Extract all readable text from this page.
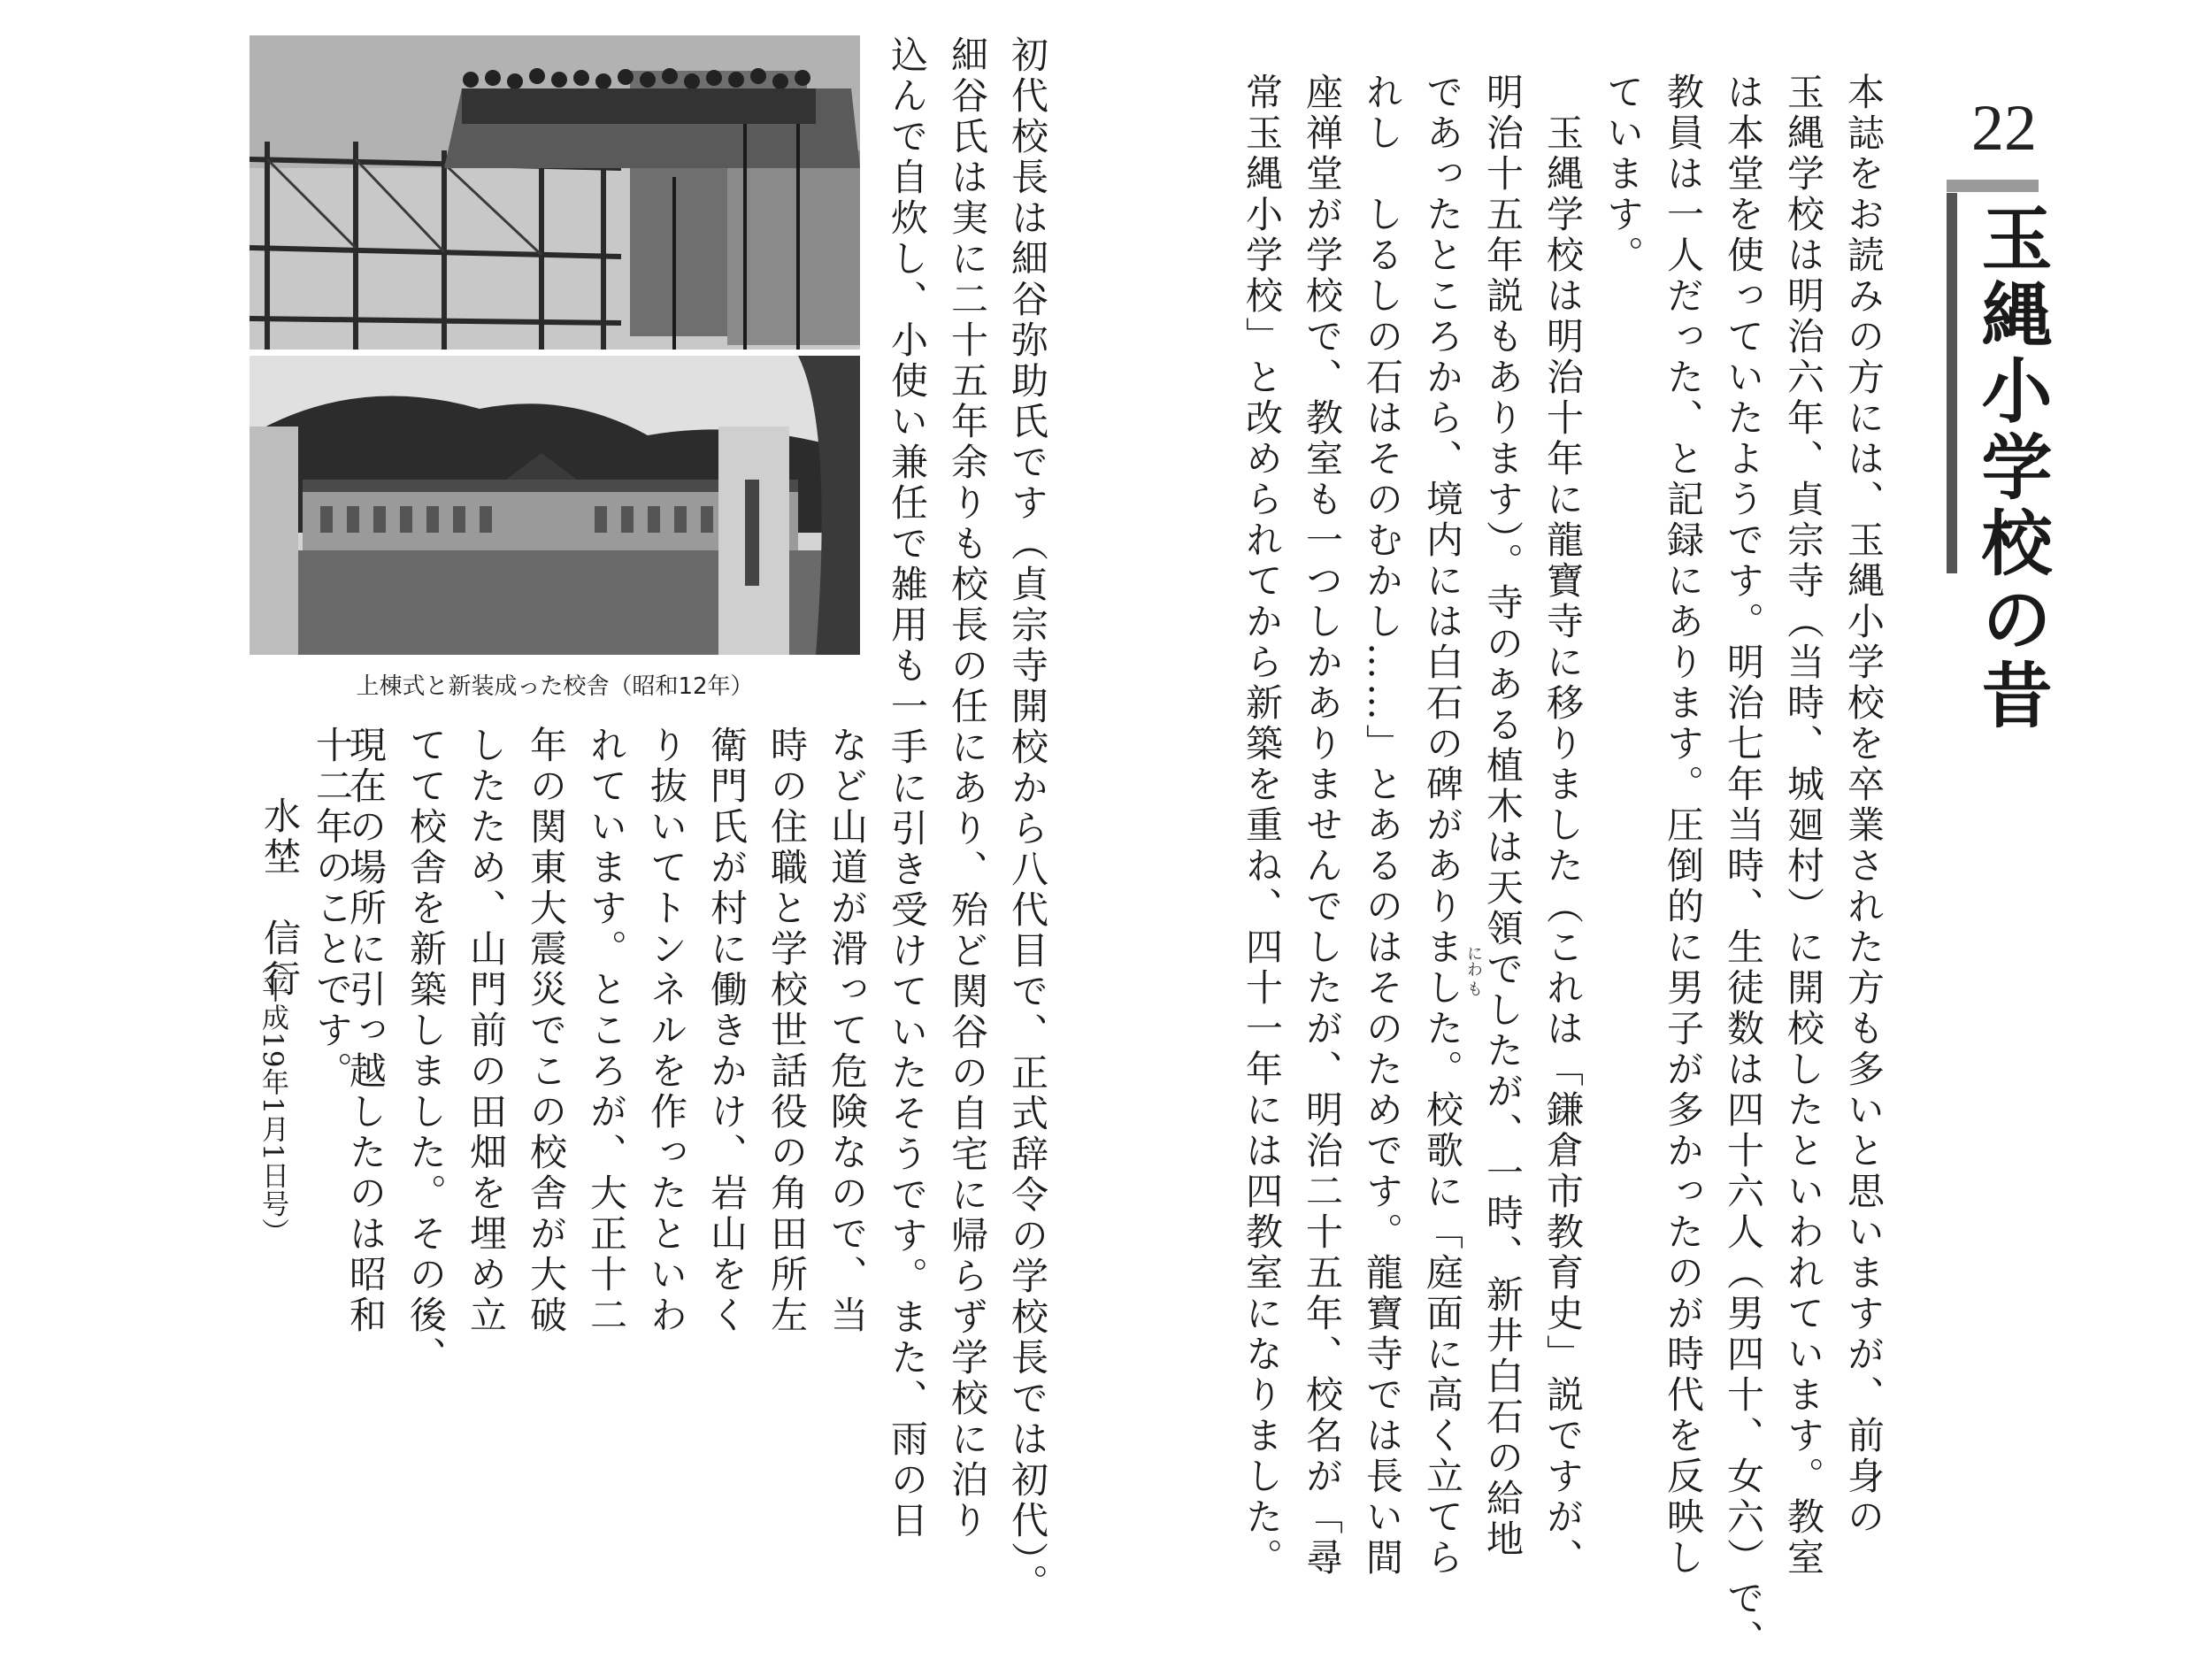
22
玉縄小学校の昔
本誌をお読みの方には、玉縄小学校を卒業された方も多いと思いますが、前身の
玉縄学校は明治六年、貞宗寺（当時、城廻村）に開校したといわれています。教室
は本堂を使っていたようです。明治七年当時、生徒数は四十六人（男四十、女六）で、
教員は一人だった、と記録にあります。圧倒的に男子が多かったのが時代を反映し
ています。
　玉縄学校は明治十年に龍寶寺に移りました（これは「鎌倉市教育史」説ですが、
明治十五年説もあります）。寺のある植木は天領でしたが、一時、新井白石の給地
であったところから、境内には白石の碑がありました。校歌に「庭面に高く立てら
れし　しるしの石はそのむかし……」とあるのはそのためです。龍寶寺では長い間
座禅堂が学校で、教室も一つしかありませんでしたが、明治二十五年、校名が「尋
常玉縄小学校」と改められてから新築を重ね、四十一年には四教室になりました。
初代校長は細谷弥助氏です（貞宗寺開校から八代目で、正式辞令の学校長では初代）。
細谷氏は実に二十五年余りも校長の任にあり、殆ど関谷の自宅に帰らず学校に泊り
込んで自炊し、小使い兼任で雑用も一手に引き受けていたそうです。また、雨の日
など山道が滑って危険なので、当
時の住職と学校世話役の角田所左
衛門氏が村に働きかけ、岩山をく
り抜いてトンネルを作ったといわ
れています。ところが、大正十二
年の関東大震災でこの校舎が大破
したため、山門前の田畑を埋め立
てて校舎を新築しました。その後、
現在の場所に引っ越したのは昭和
十二年のことです。	にわ
も
上棟式と新装成った校舎（昭和12年）
水埜　信行
（平成19年1月1日号）
